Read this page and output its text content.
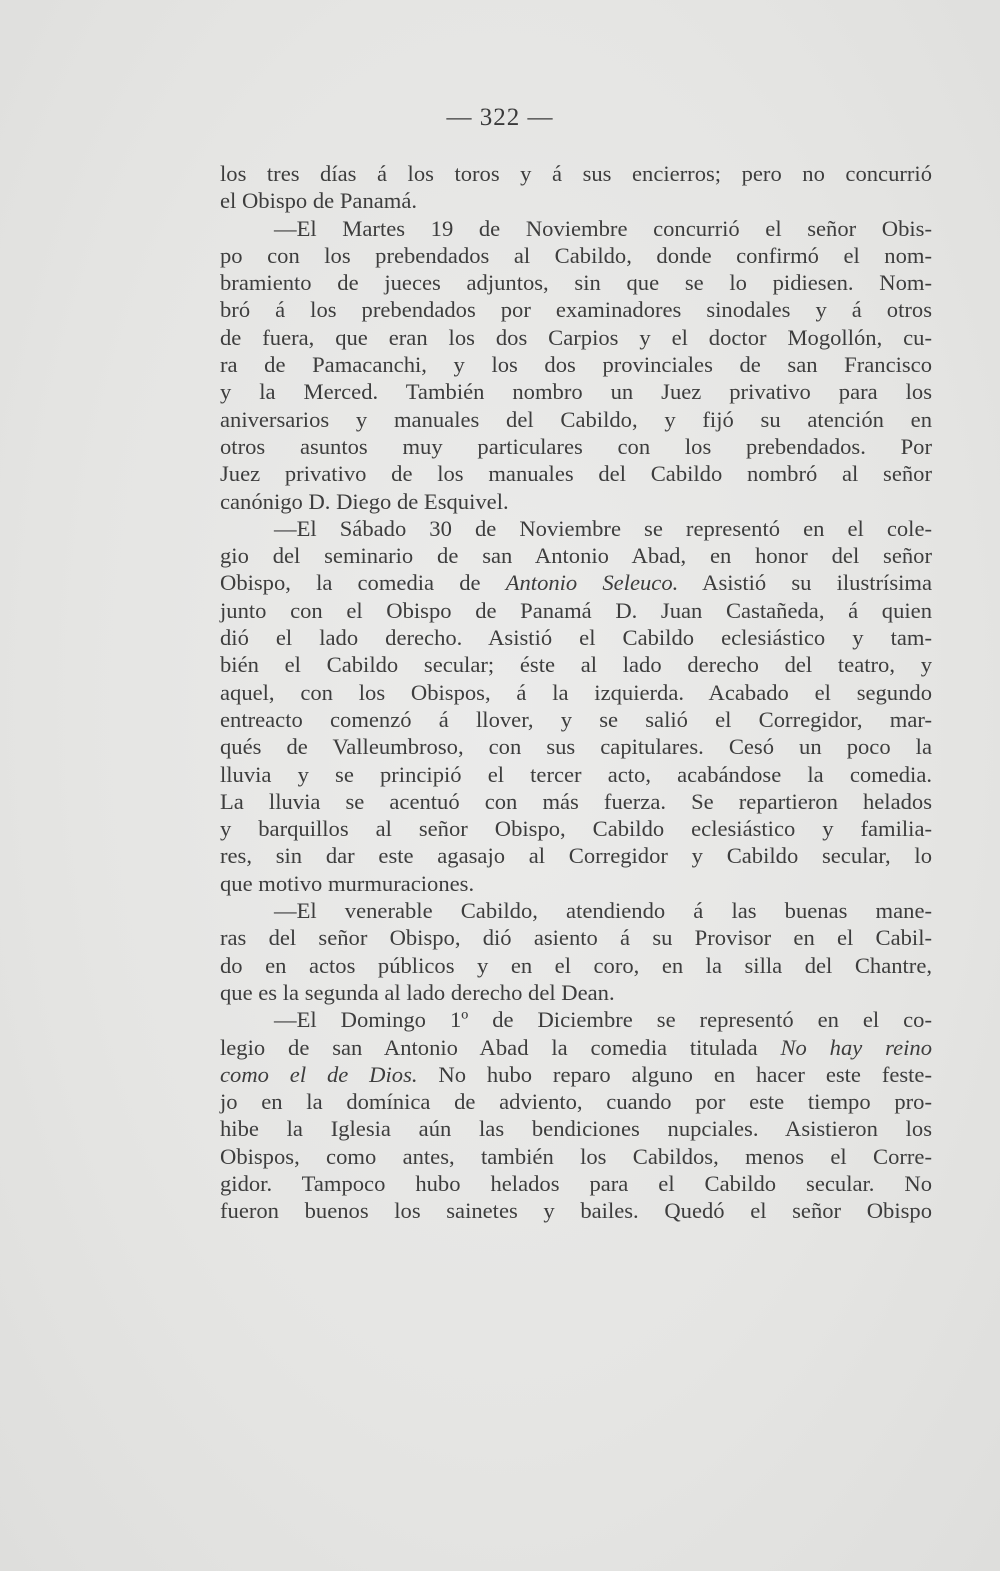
— 322 —
los tres días á los toros y á sus encierros; pero no concurrió
el Obispo de Panamá.
—El Martes 19 de Noviembre concurrió el señor Obis-
po con los prebendados al Cabildo, donde confirmó el nom-
bramiento de jueces adjuntos, sin que se lo pidiesen. Nom-
bró á los prebendados por examinadores sinodales y á otros
de fuera, que eran los dos Carpios y el doctor Mogollón, cu-
ra de Pamacanchi, y los dos provinciales de san Francisco
y la Merced. También nombro un Juez privativo para los
aniversarios y manuales del Cabildo, y fijó su atención en
otros asuntos muy particulares con los prebendados. Por
Juez privativo de los manuales del Cabildo nombró al señor
canónigo D. Diego de Esquivel.
—El Sábado 30 de Noviembre se representó en el cole-
gio del seminario de san Antonio Abad, en honor del señor
Obispo, la comedia de Antonio Seleuco. Asistió su ilustrísima
junto con el Obispo de Panamá D. Juan Castañeda, á quien
dió el lado derecho. Asistió el Cabildo eclesiástico y tam-
bién el Cabildo secular; éste al lado derecho del teatro, y
aquel, con los Obispos, á la izquierda. Acabado el segundo
entreacto comenzó á llover, y se salió el Corregidor, mar-
qués de Valleumbroso, con sus capitulares. Cesó un poco la
lluvia y se principió el tercer acto, acabándose la comedia.
La lluvia se acentuó con más fuerza. Se repartieron helados
y barquillos al señor Obispo, Cabildo eclesiástico y familia-
res, sin dar este agasajo al Corregidor y Cabildo secular, lo
que motivo murmuraciones.
—El venerable Cabildo, atendiendo á las buenas mane-
ras del señor Obispo, dió asiento á su Provisor en el Cabil-
do en actos públicos y en el coro, en la silla del Chantre,
que es la segunda al lado derecho del Dean.
—El Domingo 1º de Diciembre se representó en el co-
legio de san Antonio Abad la comedia titulada No hay reino
como el de Dios. No hubo reparo alguno en hacer este feste-
jo en la domínica de adviento, cuando por este tiempo pro-
hibe la Iglesia aún las bendiciones nupciales. Asistieron los
Obispos, como antes, también los Cabildos, menos el Corre-
gidor. Tampoco hubo helados para el Cabildo secular. No
fueron buenos los sainetes y bailes. Quedó el señor Obispo
